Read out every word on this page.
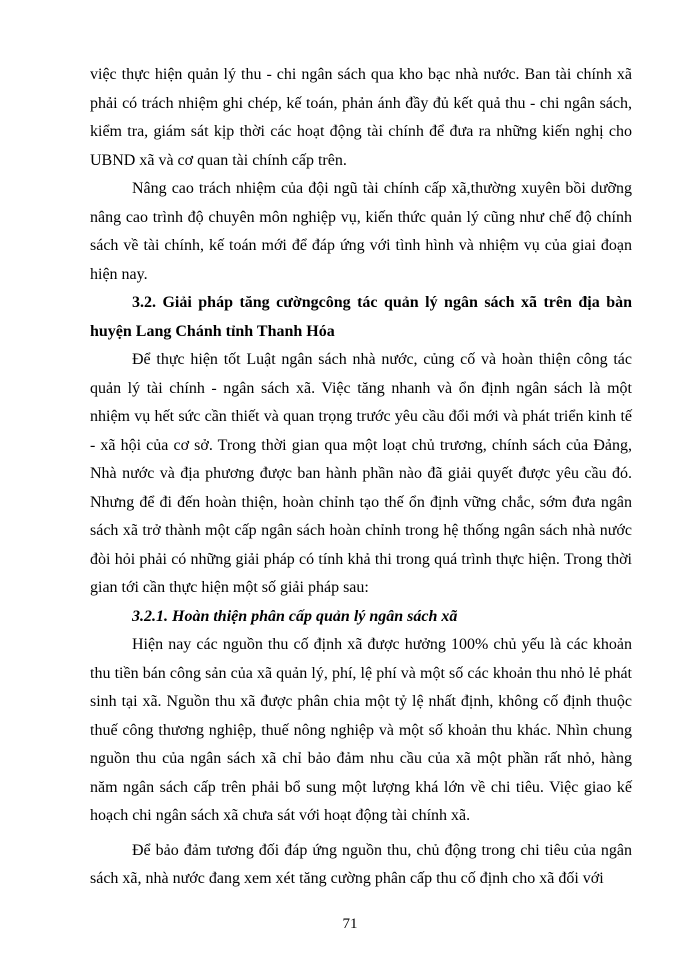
việc thực hiện quản lý thu - chi ngân sách qua kho bạc nhà nước. Ban tài chính xã phải có trách nhiệm ghi chép, kế toán, phản ánh đầy đủ kết quả thu - chi ngân sách, kiểm tra, giám sát kịp thời các hoạt động tài chính để đưa ra những kiến nghị cho UBND xã và cơ quan tài chính cấp trên.

Nâng cao trách nhiệm của đội ngũ tài chính cấp xã,thường xuyên bồi dưỡng nâng cao trình độ chuyên môn nghiệp vụ, kiến thức quản lý cũng như chế độ chính sách về tài chính, kế toán mới để đáp ứng với tình hình và nhiệm vụ của giai đoạn hiện nay.

3.2. Giải pháp tăng cườngcông tác quản lý ngân sách xã trên địa bàn huyện Lang Chánh tỉnh Thanh Hóa

Để thực hiện tốt Luật ngân sách nhà nước, củng cố và hoàn thiện công tác quản lý tài chính - ngân sách xã. Việc tăng nhanh và ổn định ngân sách là một nhiệm vụ hết sức cần thiết và quan trọng trước yêu cầu đổi mới và phát triển kinh tế - xã hội của cơ sở. Trong thời gian qua một loạt chủ trương, chính sách của Đảng, Nhà nước và địa phương được ban hành phần nào đã giải quyết được yêu cầu đó. Nhưng để đi đến hoàn thiện, hoàn chỉnh tạo thế ổn định vững chắc, sớm đưa ngân sách xã trở thành một cấp ngân sách hoàn chỉnh trong hệ thống ngân sách nhà nước đòi hỏi phải có những giải pháp có tính khả thi trong quá trình thực hiện. Trong thời gian tới cần thực hiện một số giải pháp sau:

3.2.1. Hoàn thiện phân cấp quản lý ngân sách xã

Hiện nay các nguồn thu cố định xã được hưởng 100% chủ yếu là các khoản thu tiền bán công sản của xã quản lý, phí, lệ phí và một số các khoản thu nhỏ lẻ phát sinh tại xã. Nguồn thu xã được phân chia một tỷ lệ nhất định, không cố định thuộc thuế công thương nghiệp, thuế nông nghiệp và một số khoản thu khác. Nhìn chung nguồn thu của ngân sách xã chỉ bảo đảm nhu cầu của xã một phần rất nhỏ, hàng năm ngân sách cấp trên phải bổ sung một lượng khá lớn về chi tiêu. Việc giao kế hoạch chi ngân sách xã chưa sát với hoạt động tài chính xã.

Để bảo đảm tương đối đáp ứng nguồn thu, chủ động trong chi tiêu của ngân sách xã, nhà nước đang xem xét tăng cường phân cấp thu cố định cho xã đối với

71
